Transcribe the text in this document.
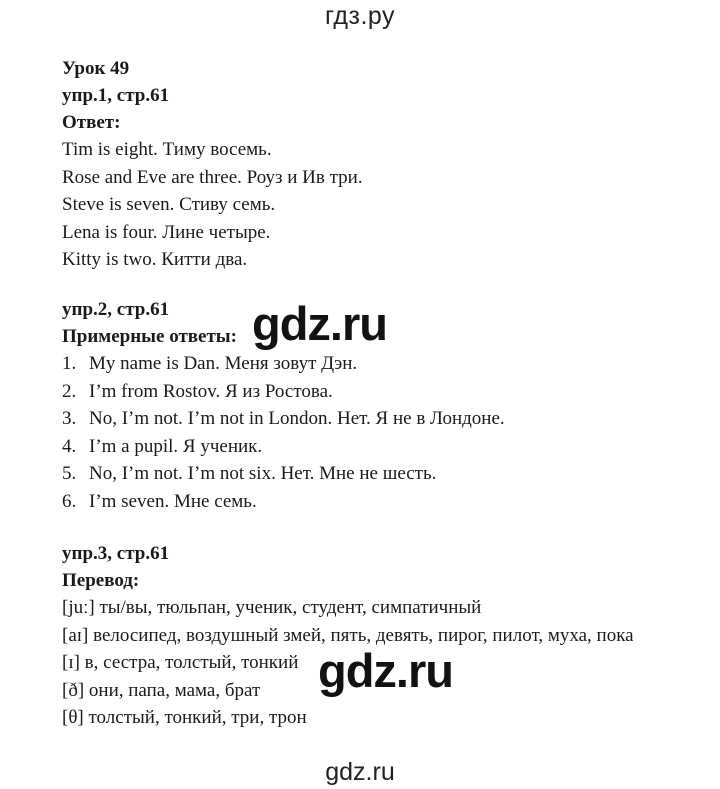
гдз.ру
Урок 49
упр.1, стр.61
Ответ:
Tim is eight. Тиму восемь.
Rose and Eve are three. Роуз и Ив три.
Steve is seven. Стиву семь.
Lena is four. Лине четыре.
Kitty is two. Китти два.
упр.2, стр.61
Примерные ответы:
1. My name is Dan. Меня зовут Дэн.
2. I’m from Rostov. Я из Ростова.
3. No, I’m not. I’m not in London. Нет. Я не в Лондоне.
4. I’m a pupil. Я ученик.
5. No, I’m not. I’m not six. Нет. Мне не шесть.
6. I’m seven. Мне семь.
упр.3, стр.61
Перевод:
[juː] ты/вы, тюльпан, ученик, студент, симпатичный
[aɪ] велосипед, воздушный змей, пять, девять, пирог, пилот, муха, пока
[ɪ] в, сестра, толстый, тонкий
[ð] они, папа, мама, брат
[θ] толстый, тонкий, три, трон
gdz.ru
gdz.ru
gdz.ru
